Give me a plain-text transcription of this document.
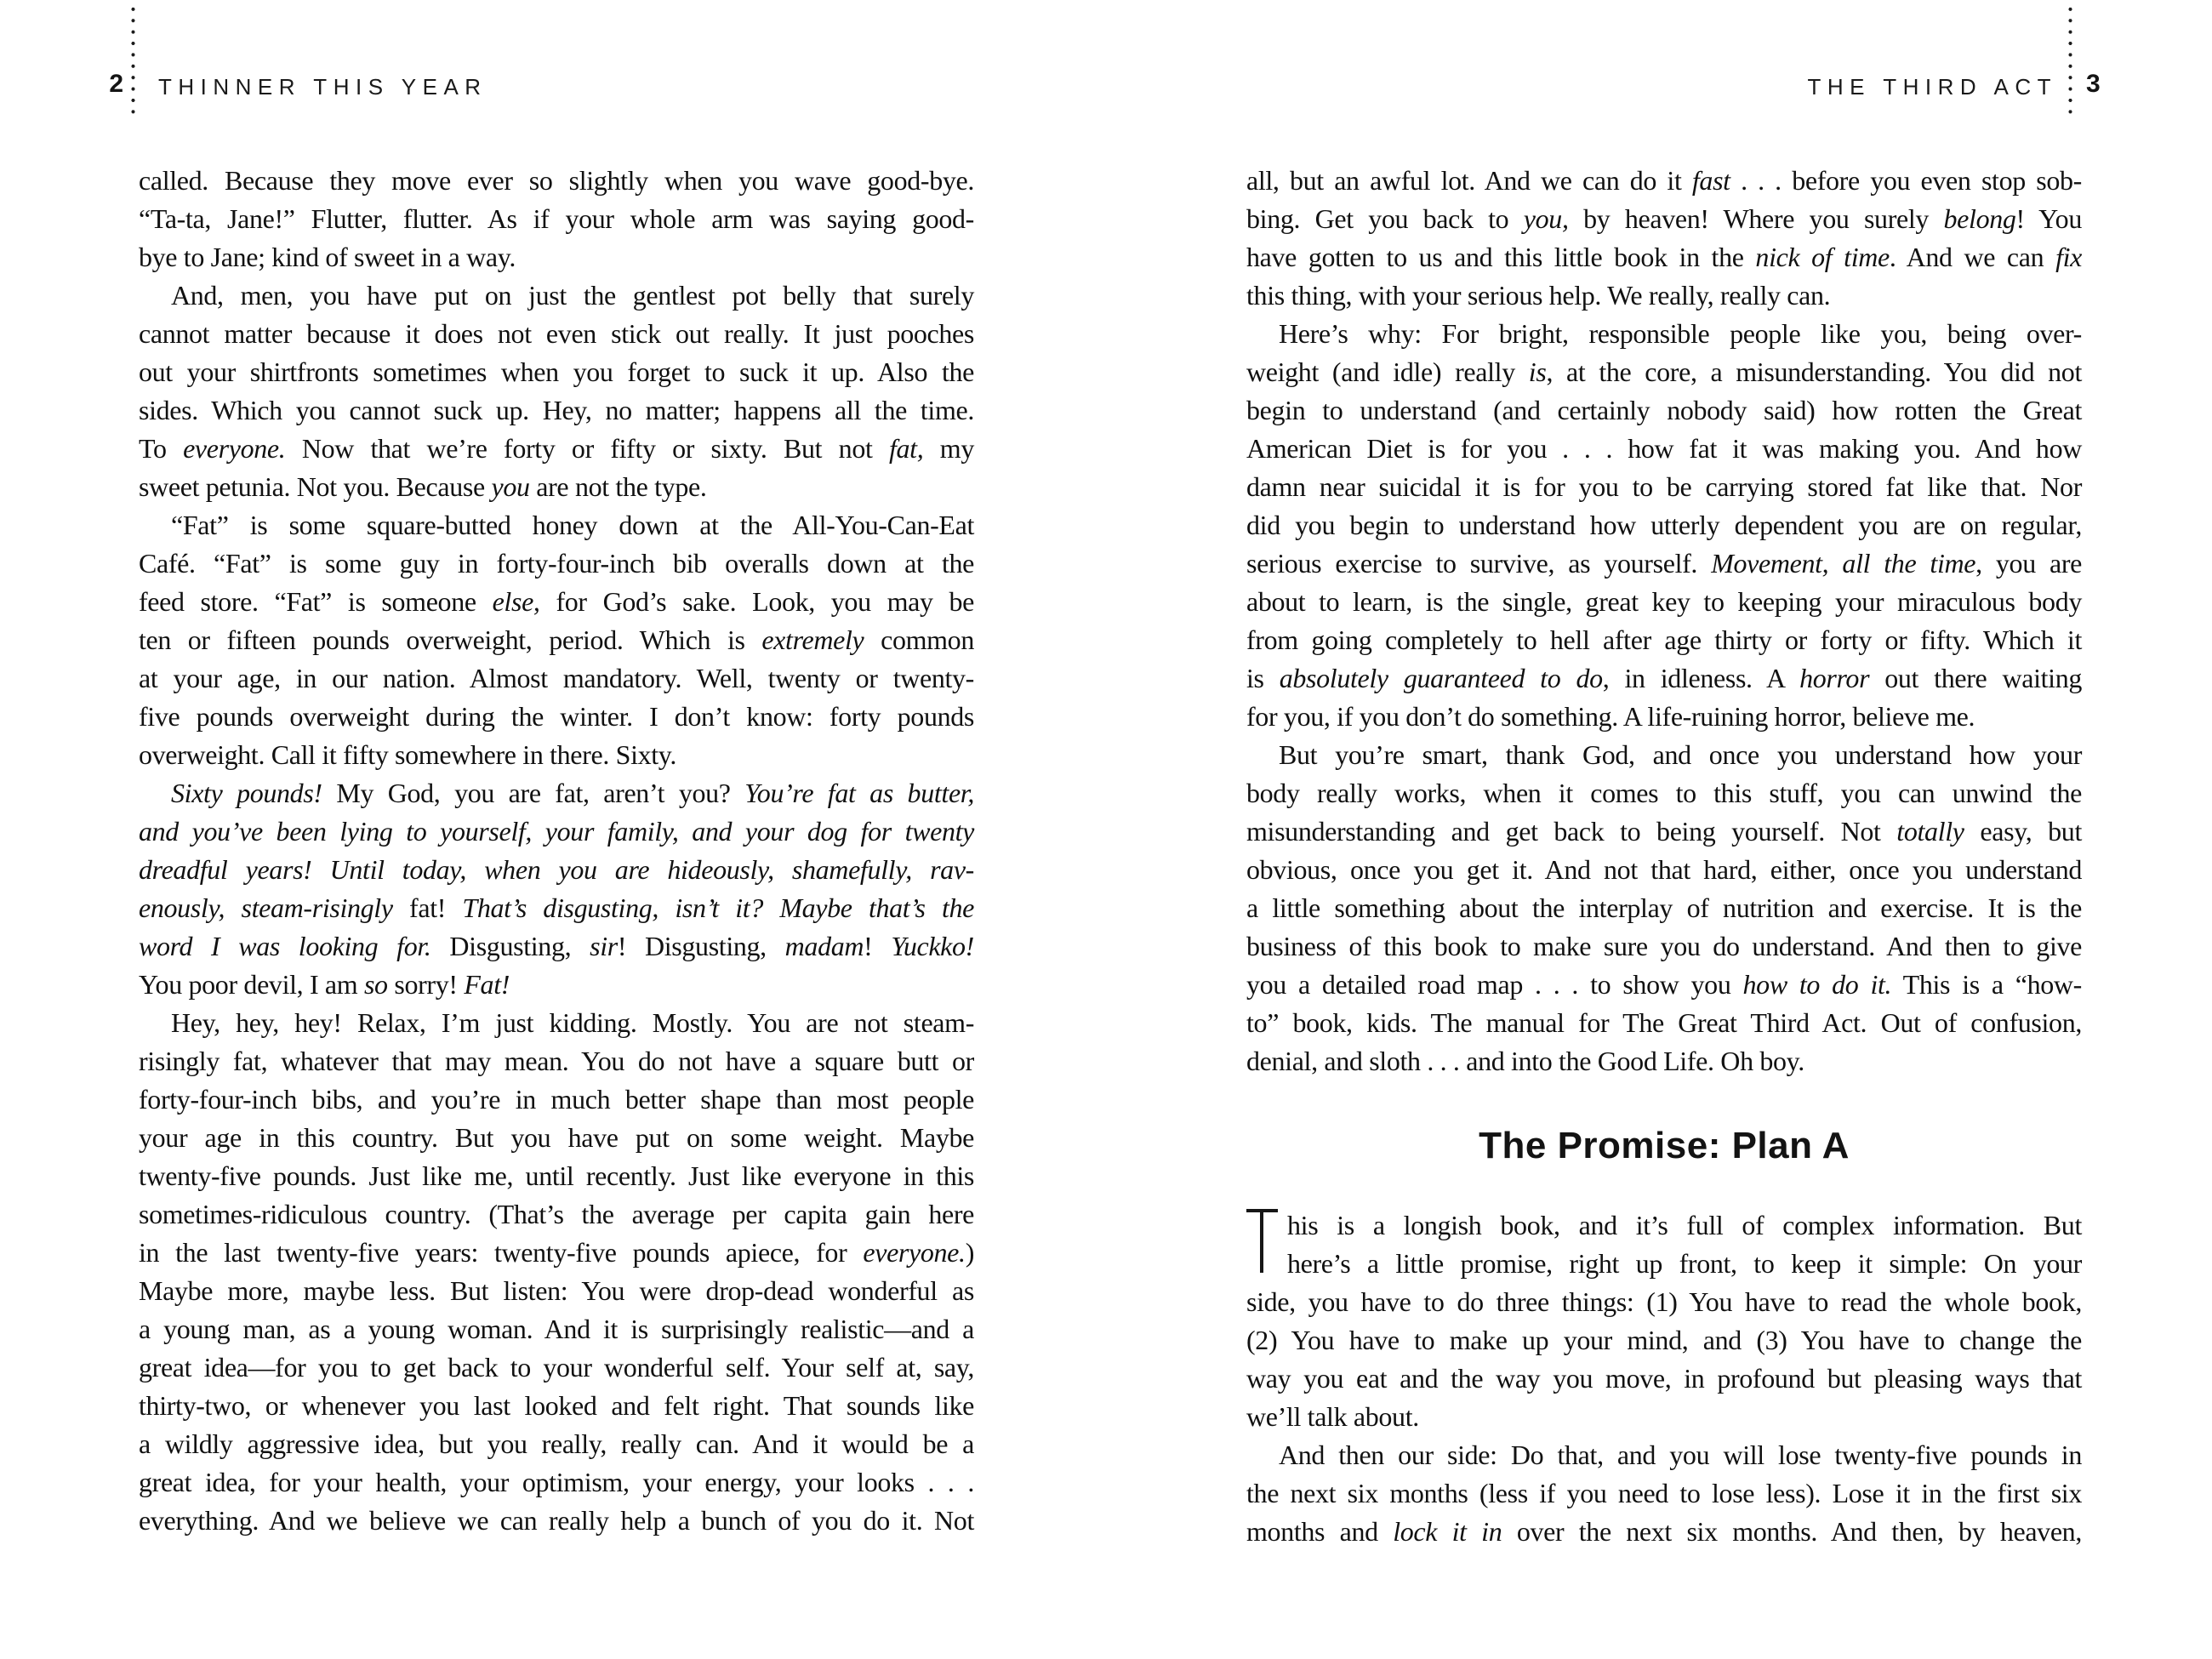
2 THINNER THIS YEAR	THE THIRD ACT 3
called. Because they move ever so slightly when you wave good-bye.
“Ta-ta, Jane!” Flutter, flutter. As if your whole arm was saying good-
bye to Jane; kind of sweet in a way.
And, men, you have put on just the gentlest pot belly that surely
cannot matter because it does not even stick out really. It just pooches
out your shirtfronts sometimes when you forget to suck it up. Also the
sides. Which you cannot suck up. Hey, no matter; happens all the time.
To everyone. Now that we’re forty or fifty or sixty. But not fat, my
sweet petunia. Not you. Because you are not the type.
“Fat” is some square-butted honey down at the All-You-Can-Eat
Café. “Fat” is some guy in forty-four-inch bib overalls down at the
feed store. “Fat” is someone else, for God’s sake. Look, you may be
ten or fifteen pounds overweight, period. Which is extremely common
at your age, in our nation. Almost mandatory. Well, twenty or twenty-
five pounds overweight during the winter. I don’t know: forty pounds
overweight. Call it fifty somewhere in there. Sixty.
Sixty pounds! My God, you are fat, aren’t you? You’re fat as butter,
and you’ve been lying to yourself, your family, and your dog for twenty
dreadful years! Until today, when you are hideously, shamefully, rav-
enously, steam-risingly fat! That’s disgusting, isn’t it? Maybe that’s the
word I was looking for. Disgusting, sir! Disgusting, madam! Yuckko!
You poor devil, I am so sorry! Fat!
Hey, hey, hey! Relax, I’m just kidding. Mostly. You are not steam-
risingly fat, whatever that may mean. You do not have a square butt or
forty-four-inch bibs, and you’re in much better shape than most people
your age in this country. But you have put on some weight. Maybe
twenty-five pounds. Just like me, until recently. Just like everyone in this
sometimes-ridiculous country. (That’s the average per capita gain here
in the last twenty-five years: twenty-five pounds apiece, for everyone.)
Maybe more, maybe less. But listen: You were drop-dead wonderful as
a young man, as a young woman. And it is surprisingly realistic—and a
great idea—for you to get back to your wonderful self. Your self at, say,
thirty-two, or whenever you last looked and felt right. That sounds like
a wildly aggressive idea, but you really, really can. And it would be a
great idea, for your health, your optimism, your energy, your looks . . .
everything. And we believe we can really help a bunch of you do it. Not
all, but an awful lot. And we can do it fast . . . before you even stop sob-
bing. Get you back to you, by heaven! Where you surely belong! You
have gotten to us and this little book in the nick of time. And we can fix
this thing, with your serious help. We really, really can.
Here’s why: For bright, responsible people like you, being over-
weight (and idle) really is, at the core, a misunderstanding. You did not
begin to understand (and certainly nobody said) how rotten the Great
American Diet is for you . . . how fat it was making you. And how
damn near suicidal it is for you to be carrying stored fat like that. Nor
did you begin to understand how utterly dependent you are on regular,
serious exercise to survive, as yourself. Movement, all the time, you are
about to learn, is the single, great key to keeping your miraculous body
from going completely to hell after age thirty or forty or fifty. Which it
is absolutely guaranteed to do, in idleness. A horror out there waiting
for you, if you don’t do something. A life-ruining horror, believe me.
But you’re smart, thank God, and once you understand how your
body really works, when it comes to this stuff, you can unwind the
misunderstanding and get back to being yourself. Not totally easy, but
obvious, once you get it. And not that hard, either, once you understand
a little something about the interplay of nutrition and exercise. It is the
business of this book to make sure you do understand. And then to give
you a detailed road map . . . to show you how to do it. This is a “how-
to” book, kids. The manual for The Great Third Act. Out of confusion,
denial, and sloth . . . and into the Good Life. Oh boy.
The Promise: Plan A
his is a longish book, and it’s full of complex information. But
here’s a little promise, right up front, to keep it simple: On your
side, you have to do three things: (1) You have to read the whole book,
(2) You have to make up your mind, and (3) You have to change the
way you eat and the way you move, in profound but pleasing ways that
we’ll talk about.
And then our side: Do that, and you will lose twenty-five pounds in
the next six months (less if you need to lose less). Lose it in the first six
months and lock it in over the next six months. And then, by heaven,
